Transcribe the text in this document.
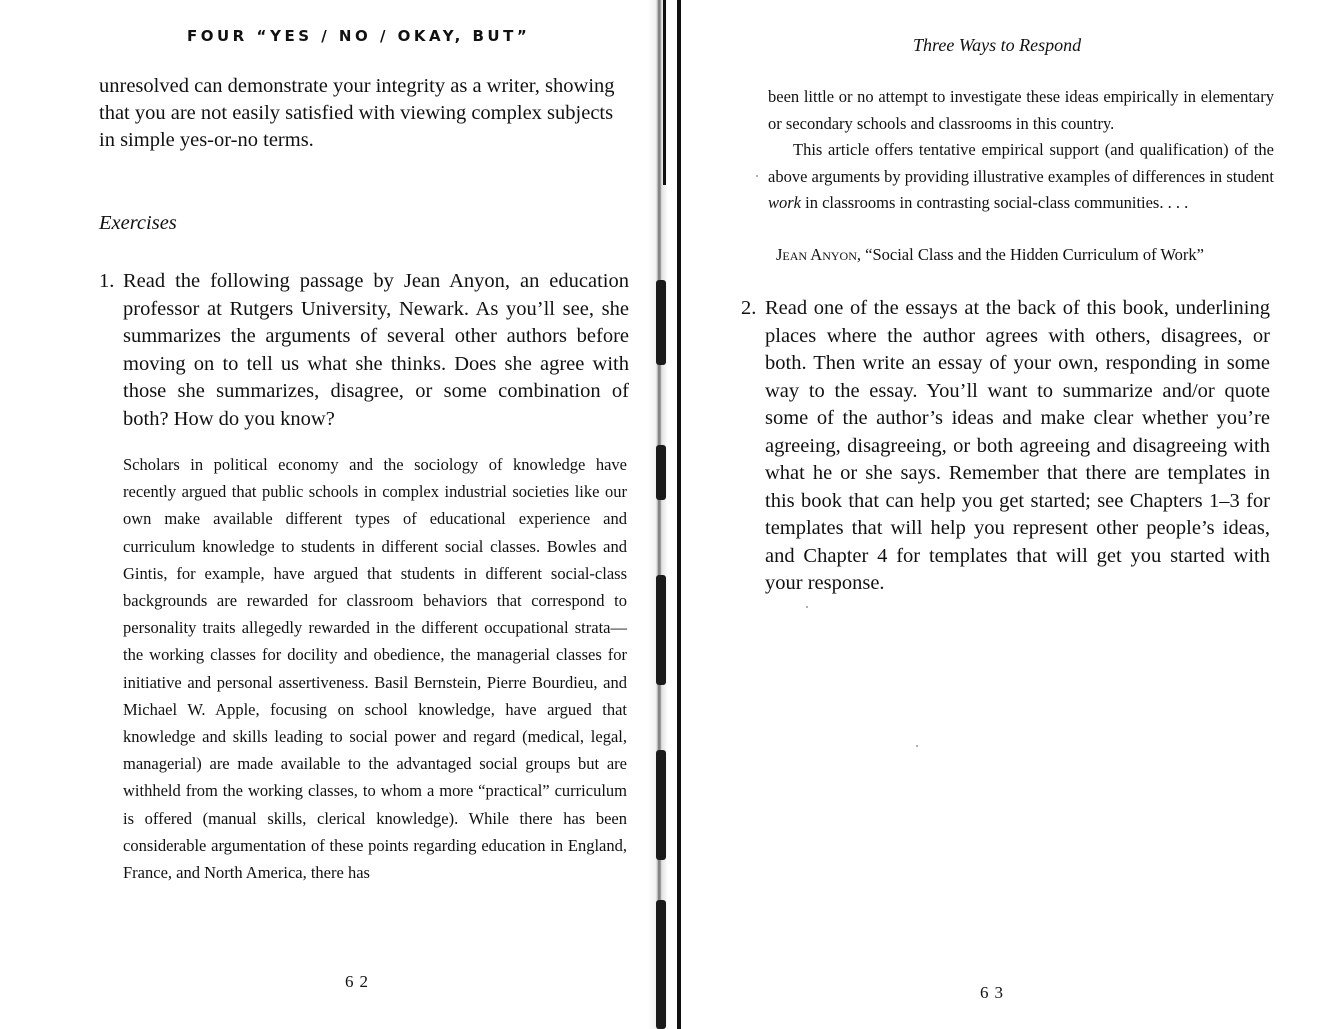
FOUR “YES / NO / OKAY, BUT”
unresolved can demonstrate your integrity as a writer, showing that you are not easily satisfied with viewing complex subjects in simple yes-or-no terms.
Exercises
1. Read the following passage by Jean Anyon, an education professor at Rutgers University, Newark. As you’ll see, she summarizes the arguments of several other authors before moving on to tell us what she thinks. Does she agree with those she summarizes, disagree, or some combination of both? How do you know?
Scholars in political economy and the sociology of knowledge have recently argued that public schools in complex industrial societies like our own make available different types of educational experience and curriculum knowledge to students in different social classes. Bowles and Gintis, for example, have argued that students in different social-class backgrounds are rewarded for classroom behaviors that correspond to personality traits allegedly rewarded in the different occupational strata—the working classes for docility and obedience, the managerial classes for initiative and personal assertiveness. Basil Bernstein, Pierre Bourdieu, and Michael W. Apple, focusing on school knowledge, have argued that knowledge and skills leading to social power and regard (medical, legal, managerial) are made available to the advantaged social groups but are withheld from the working classes, to whom a more “practical” curriculum is offered (manual skills, clerical knowledge). While there has been considerable argumentation of these points regarding education in England, France, and North America, there has
62
Three Ways to Respond
been little or no attempt to investigate these ideas empirically in elementary or secondary schools and classrooms in this country.
This article offers tentative empirical support (and qualification) of the above arguments by providing illustrative examples of differences in student work in classrooms in contrasting social-class communities. . . .
Jean Anyon, “Social Class and the Hidden Curriculum of Work”
2. Read one of the essays at the back of this book, underlining places where the author agrees with others, disagrees, or both. Then write an essay of your own, responding in some way to the essay. You’ll want to summarize and/or quote some of the author’s ideas and make clear whether you’re agreeing, disagreeing, or both agreeing and disagreeing with what he or she says. Remember that there are templates in this book that can help you get started; see Chapters 1–3 for templates that will help you represent other people’s ideas, and Chapter 4 for templates that will get you started with your response.
63
